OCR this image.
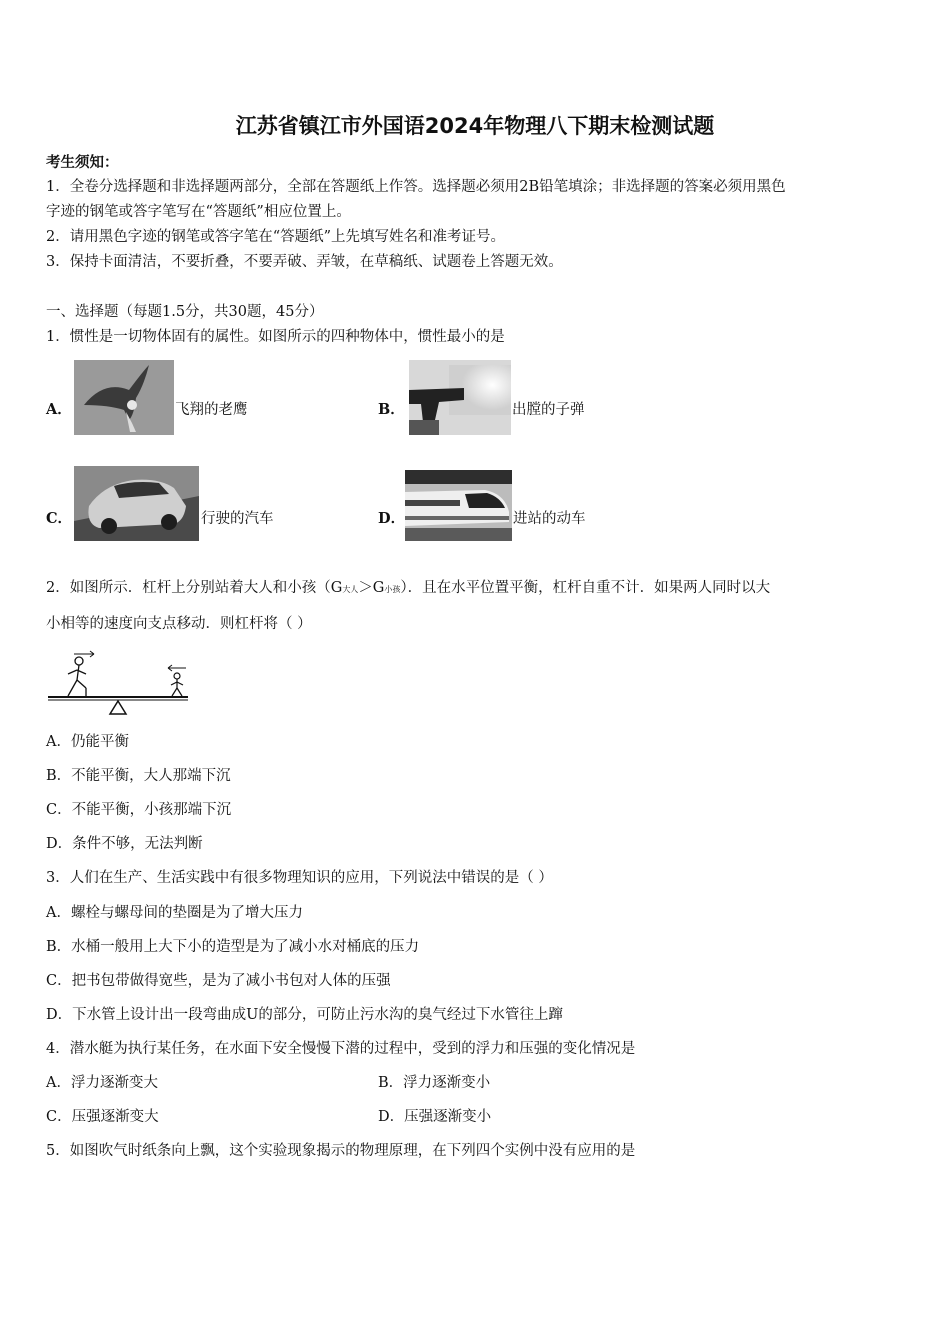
江苏省镇江市外国语2024年物理八下期末检测试题
考生须知：
1．全卷分选择题和非选择题两部分，全部在答题纸上作答。选择题必须用2B铅笔填涂；非选择题的答案必须用黑色
字迹的钢笔或答字笔写在“答题纸”相应位置上。
2．请用黑色字迹的钢笔或答字笔在“答题纸”上先填写姓名和准考证号。
3．保持卡面清洁，不要折叠，不要弄破、弄皱，在草稿纸、试题卷上答题无效。
一、选择题（每题1.5分，共30题，45分）
1．惯性是一切物体固有的属性。如图所示的四种物体中，惯性最小的是
A．	飞翔的老鹰	B．	出膛的子弹
C．	行驶的汽车	D．	进站的动车
2．如图所示．杠杆上分别站着大人和小孩（G大人＞G小孩）．且在水平位置平衡，杠杆自重不计．如果两人同时以大
小相等的速度向支点移动．则杠杆将（ ）
A．仍能平衡
B．不能平衡，大人那端下沉
C．不能平衡，小孩那端下沉
D．条件不够，无法判断
3．人们在生产、生活实践中有很多物理知识的应用，下列说法中错误的是（ ）
A．螺栓与螺母间的垫圈是为了增大压力
B．水桶一般用上大下小的造型是为了减小水对桶底的压力
C．把书包带做得宽些，是为了减小书包对人体的压强
D．下水管上设计出一段弯曲成U的部分，可防止污水沟的臭气经过下水管往上蹿
4．潜水艇为执行某任务，在水面下安全慢慢下潜的过程中，受到的浮力和压强的变化情况是
A．浮力逐渐变大	B．浮力逐渐变小
C．压强逐渐变大	D．压强逐渐变小
5．如图吹气时纸条向上飘，这个实验现象揭示的物理原理，在下列四个实例中没有应用的是
